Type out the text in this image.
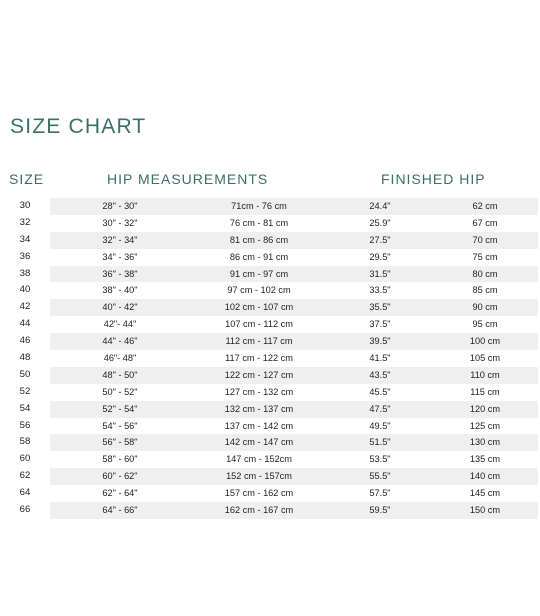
SIZE CHART
SIZE	HIP MEASUREMENTS	FINISHED HIP
30	28" - 30"	71cm - 76 cm	24.4"	62 cm
32	30" - 32"	76 cm - 81 cm	25.9"	67 cm
34	32" - 34"	81 cm - 86 cm	27.5"	70 cm
36	34" - 36"	86 cm - 91 cm	29.5"	75 cm
38	36" - 38"	91 cm - 97 cm	31.5"	80 cm
40	38" - 40"	97 cm - 102 cm	33.5"	85 cm
42	40" - 42"	102 cm - 107 cm	35.5"	90 cm
44	42"- 44"	107 cm - 112 cm	37.5"	95 cm
46	44" - 46"	112 cm - 117 cm	39.5"	100 cm
48	46"- 48"	117 cm - 122 cm	41.5"	105 cm
50	48" - 50"	122 cm - 127 cm	43.5"	110 cm
52	50" - 52"	127 cm - 132 cm	45.5"	115 cm
54	52" - 54"	132 cm - 137 cm	47.5"	120 cm
56	54" - 56"	137 cm - 142 cm	49.5"	125 cm
58	56" - 58"	142 cm - 147 cm	51.5"	130 cm
60	58" - 60"	147 cm - 152cm	53.5"	135 cm
62	60" - 62"	152 cm - 157cm	55.5"	140 cm
64	62" - 64"	157 cm - 162 cm	57.5"	145 cm
66	64" - 66"	162 cm - 167 cm	59.5"	150 cm
